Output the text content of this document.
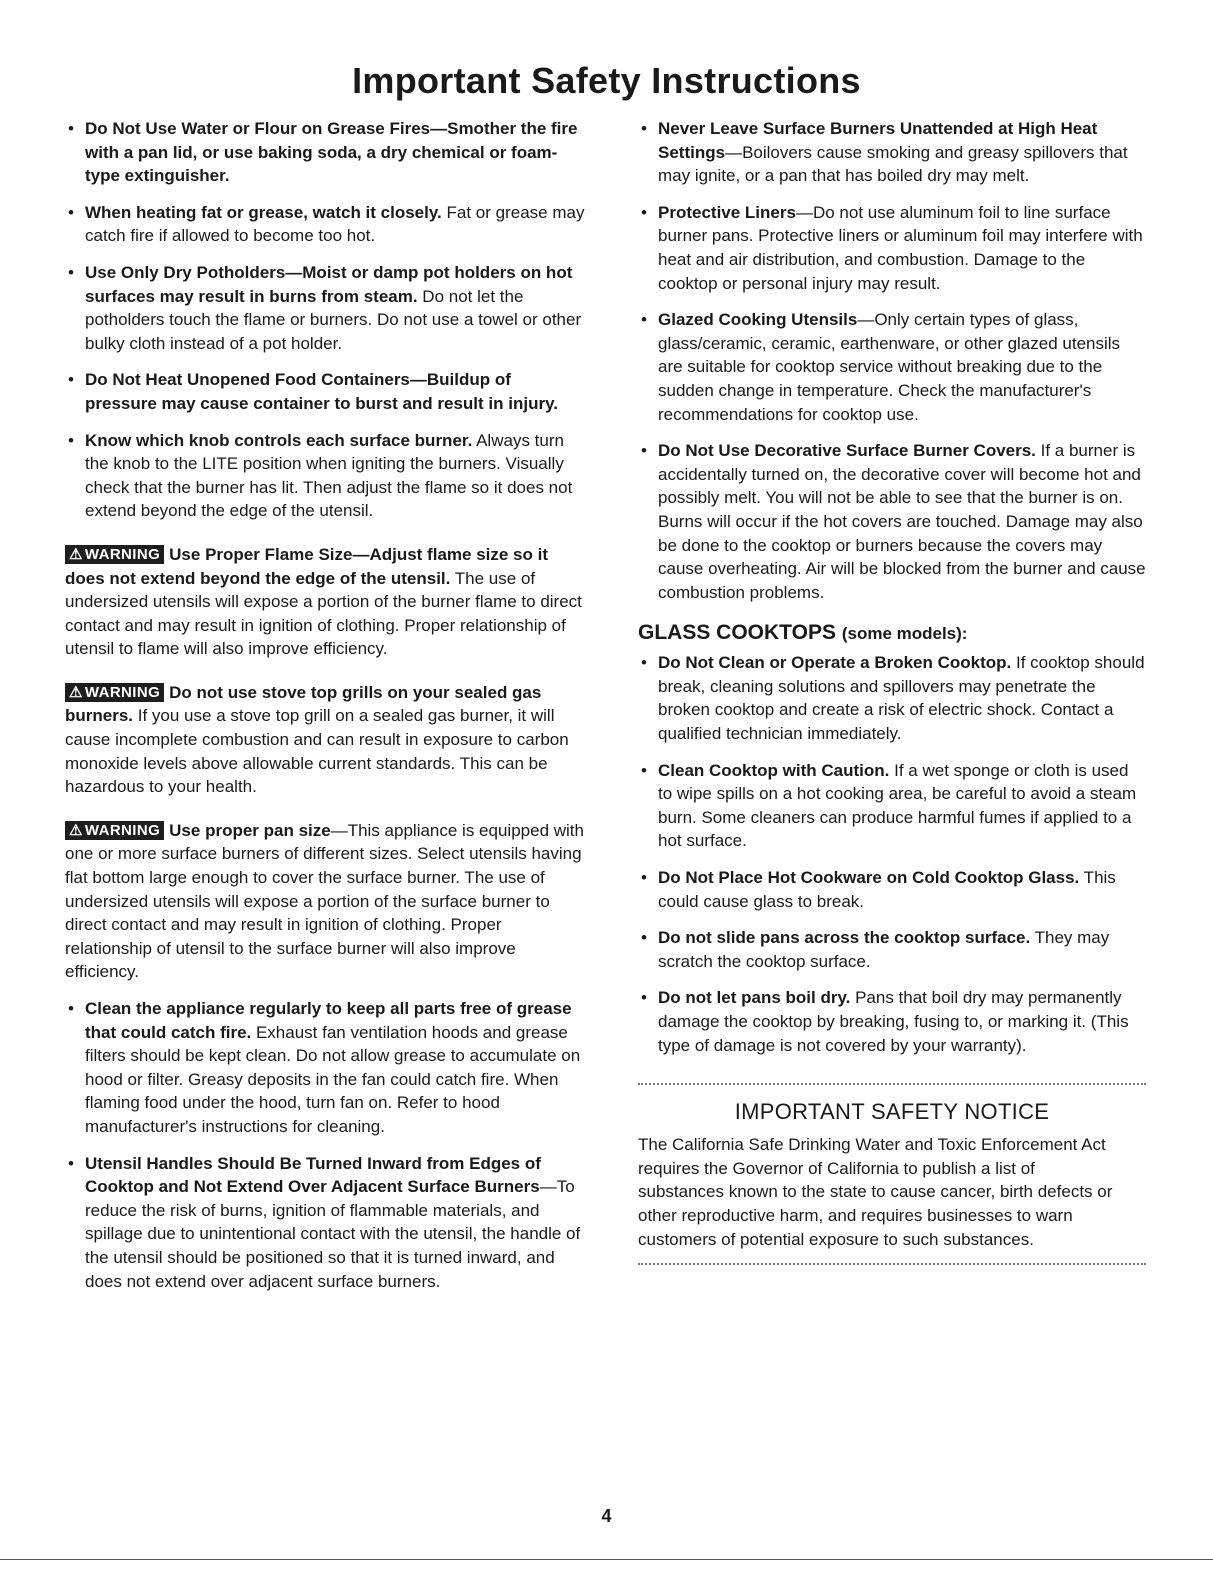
Important Safety Instructions

• Do Not Use Water or Flour on Grease Fires—Smother the fire with a pan lid, or use baking soda, a dry chemical or foam-type extinguisher.

• When heating fat or grease, watch it closely. Fat or grease may catch fire if allowed to become too hot.

• Use Only Dry Potholders—Moist or damp pot holders on hot surfaces may result in burns from steam. Do not let the potholders touch the flame or burners. Do not use a towel or other bulky cloth instead of a pot holder.

• Do Not Heat Unopened Food Containers—Buildup of pressure may cause container to burst and result in injury.

• Know which knob controls each surface burner. Always turn the knob to the LITE position when igniting the burners. Visually check that the burner has lit. Then adjust the flame so it does not extend beyond the edge of the utensil.

⚠ WARNING Use Proper Flame Size—Adjust flame size so it does not extend beyond the edge of the utensil. The use of undersized utensils will expose a portion of the burner flame to direct contact and may result in ignition of clothing. Proper relationship of utensil to flame will also improve efficiency.

⚠ WARNING Do not use stove top grills on your sealed gas burners. If you use a stove top grill on a sealed gas burner, it will cause incomplete combustion and can result in exposure to carbon monoxide levels above allowable current standards. This can be hazardous to your health.

⚠ WARNING Use proper pan size—This appliance is equipped with one or more surface burners of different sizes. Select utensils having flat bottom large enough to cover the surface burner. The use of undersized utensils will expose a portion of the surface burner to direct contact and may result in ignition of clothing. Proper relationship of utensil to the surface burner will also improve efficiency.

• Clean the appliance regularly to keep all parts free of grease that could catch fire. Exhaust fan ventilation hoods and grease filters should be kept clean. Do not allow grease to accumulate on hood or filter. Greasy deposits in the fan could catch fire. When flaming food under the hood, turn fan on. Refer to hood manufacturer's instructions for cleaning.

• Utensil Handles Should Be Turned Inward from Edges of Cooktop and Not Extend Over Adjacent Surface Burners—To reduce the risk of burns, ignition of flammable materials, and spillage due to unintentional contact with the utensil, the handle of the utensil should be positioned so that it is turned inward, and does not extend over adjacent surface burners.

• Never Leave Surface Burners Unattended at High Heat Settings—Boilovers cause smoking and greasy spillovers that may ignite, or a pan that has boiled dry may melt.

• Protective Liners—Do not use aluminum foil to line surface burner pans. Protective liners or aluminum foil may interfere with heat and air distribution, and combustion. Damage to the cooktop or personal injury may result.

• Glazed Cooking Utensils—Only certain types of glass, glass/ceramic, ceramic, earthenware, or other glazed utensils are suitable for cooktop service without breaking due to the sudden change in temperature. Check the manufacturer's recommendations for cooktop use.

• Do Not Use Decorative Surface Burner Covers. If a burner is accidentally turned on, the decorative cover will become hot and possibly melt. You will not be able to see that the burner is on. Burns will occur if the hot covers are touched. Damage may also be done to the cooktop or burners because the covers may cause overheating. Air will be blocked from the burner and cause combustion problems.

GLASS COOKTOPS (some models):

• Do Not Clean or Operate a Broken Cooktop. If cooktop should break, cleaning solutions and spillovers may penetrate the broken cooktop and create a risk of electric shock. Contact a qualified technician immediately.

• Clean Cooktop with Caution. If a wet sponge or cloth is used to wipe spills on a hot cooking area, be careful to avoid a steam burn. Some cleaners can produce harmful fumes if applied to a hot surface.

• Do Not Place Hot Cookware on Cold Cooktop Glass. This could cause glass to break.

• Do not slide pans across the cooktop surface. They may scratch the cooktop surface.

• Do not let pans boil dry. Pans that boil dry may permanently damage the cooktop by breaking, fusing to, or marking it. (This type of damage is not covered by your warranty).

IMPORTANT SAFETY NOTICE

The California Safe Drinking Water and Toxic Enforcement Act requires the Governor of California to publish a list of substances known to the state to cause cancer, birth defects or other reproductive harm, and requires businesses to warn customers of potential exposure to such substances.

4
